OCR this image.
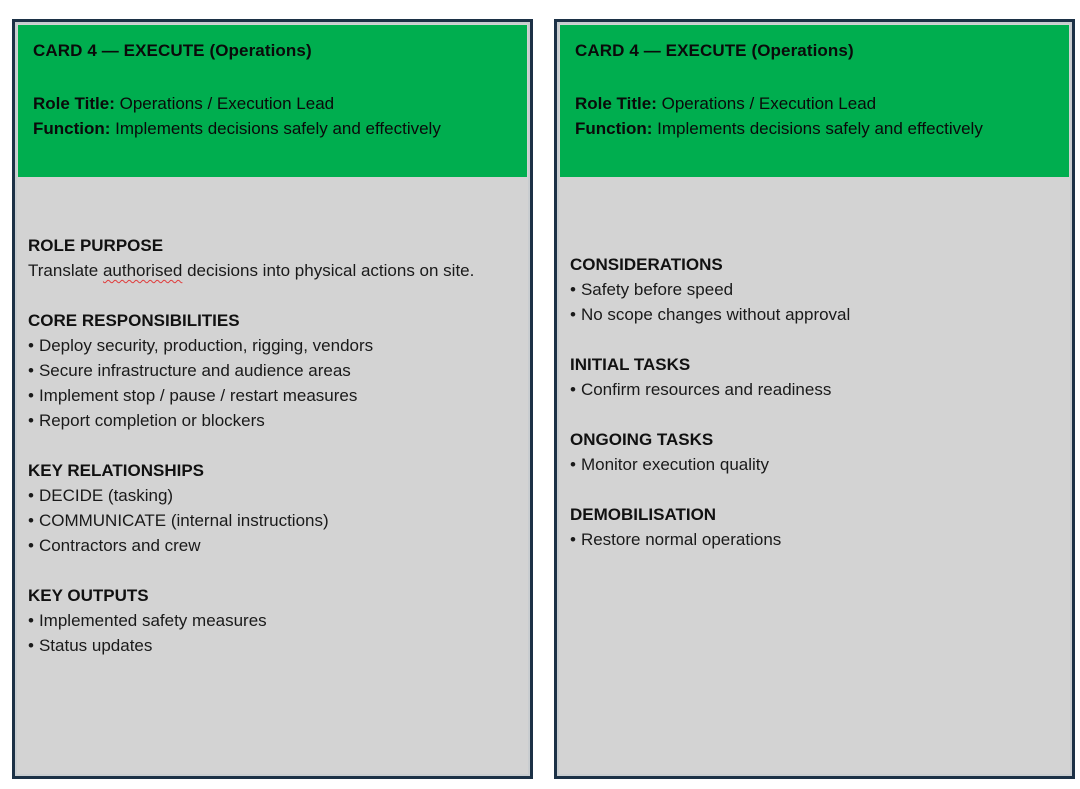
CARD 4 — EXECUTE (Operations)
Role Title: Operations / Execution Lead
Function: Implements decisions safely and effectively
ROLE PURPOSE

Translate authorised decisions into physical actions on site.

CORE RESPONSIBILITIES
• Deploy security, production, rigging, vendors
• Secure infrastructure and audience areas
• Implement stop / pause / restart measures
• Report completion or blockers
KEY RELATIONSHIPS
• DECIDE (tasking)
• COMMUNICATE (internal instructions)
• Contractors and crew
KEY OUTPUTS
• Implemented safety measures
• Status updates
CARD 4 — EXECUTE (Operations)
Role Title: Operations / Execution Lead
Function: Implements decisions safely and effectively
CONSIDERATIONS
• Safety before speed
• No scope changes without approval
INITIAL TASKS
• Confirm resources and readiness
ONGOING TASKS
• Monitor execution quality
DEMOBILISATION
• Restore normal operations
